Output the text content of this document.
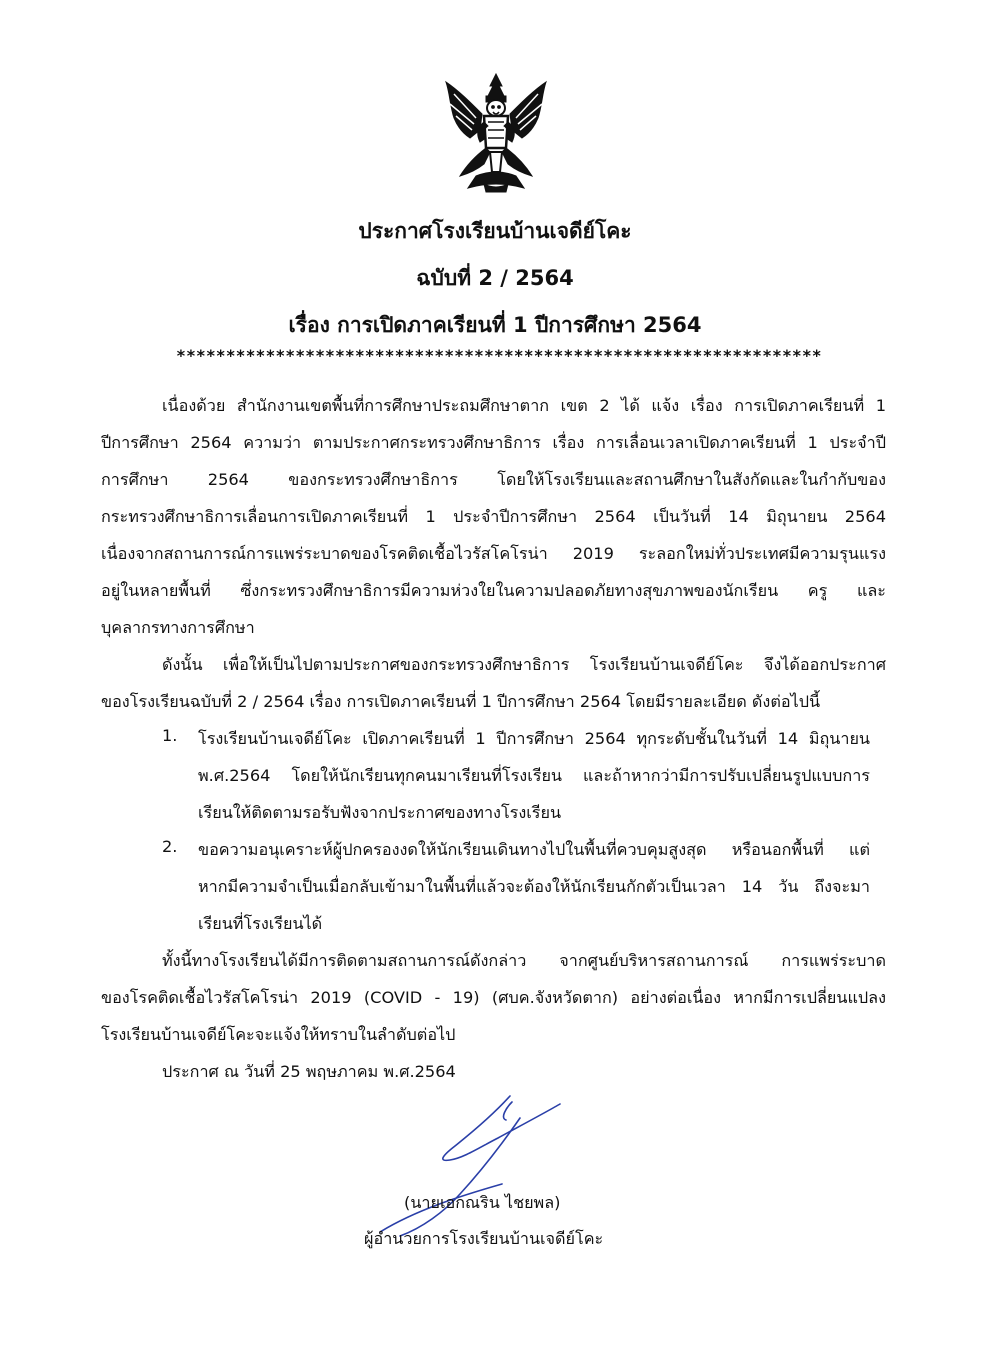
ประกาศโรงเรียนบ้านเจดีย์โคะ
ฉบับที่ 2 / 2564
เรื่อง การเปิดภาคเรียนที่ 1 ปีการศึกษา 2564
*****************************************************************
เนื่องด้วย สำนักงานเขตพื้นที่การศึกษาประถมศึกษาตาก เขต 2 ได้ แจ้ง เรื่อง การเปิดภาคเรียนที่ 1
ปีการศึกษา 2564 ความว่า ตามประกาศกระทรวงศึกษาธิการ เรื่อง การเลื่อนเวลาเปิดภาคเรียนที่ 1 ประจำปี
การศึกษา 2564 ของกระทรวงศึกษาธิการ โดยให้โรงเรียนและสถานศึกษาในสังกัดและในกำกับของ
กระทรวงศึกษาธิการเลื่อนการเปิดภาคเรียนที่ 1 ประจำปีการศึกษา 2564 เป็นวันที่ 14 มิถุนายน 2564
เนื่องจากสถานการณ์การแพร่ระบาดของโรคติดเชื้อไวรัสโคโรน่า 2019 ระลอกใหม่ทั่วประเทศมีความรุนแรง
อยู่ในหลายพื้นที่ ซึ่งกระทรวงศึกษาธิการมีความห่วงใยในความปลอดภัยทางสุขภาพของนักเรียน ครู และ
บุคลากรทางการศึกษา
ดังนั้น เพื่อให้เป็นไปตามประกาศของกระทรวงศึกษาธิการ โรงเรียนบ้านเจดีย์โคะ จึงได้ออกประกาศ
ของโรงเรียนฉบับที่ 2 / 2564 เรื่อง การเปิดภาคเรียนที่ 1 ปีการศึกษา 2564 โดยมีรายละเอียด ดังต่อไปนี้
1. โรงเรียนบ้านเจดีย์โคะ เปิดภาคเรียนที่ 1 ปีการศึกษา 2564 ทุกระดับชั้นในวันที่ 14 มิถุนายน
พ.ศ.2564 โดยให้นักเรียนทุกคนมาเรียนที่โรงเรียน และถ้าหากว่ามีการปรับเปลี่ยนรูปแบบการ
เรียนให้ติดตามรอรับฟังจากประกาศของทางโรงเรียน
2. ขอความอนุเคราะห์ผู้ปกครองงดให้นักเรียนเดินทางไปในพื้นที่ควบคุมสูงสุด หรือนอกพื้นที่ แต่
หากมีความจำเป็นเมื่อกลับเข้ามาในพื้นที่แล้วจะต้องให้นักเรียนกักตัวเป็นเวลา 14 วัน ถึงจะมา
เรียนที่โรงเรียนได้
ทั้งนี้ทางโรงเรียนได้มีการติดตามสถานการณ์ดังกล่าว จากศูนย์บริหารสถานการณ์ การแพร่ระบาด
ของโรคติดเชื้อไวรัสโคโรน่า 2019 (COVID - 19) (ศบค.จังหวัดตาก) อย่างต่อเนื่อง หากมีการเปลี่ยนแปลง
โรงเรียนบ้านเจดีย์โคะจะแจ้งให้ทราบในลำดับต่อไป
ประกาศ ณ วันที่ 25 พฤษภาคม พ.ศ.2564
(นายเอกณริน ไชยพล)
ผู้อำนวยการโรงเรียนบ้านเจดีย์โคะ
